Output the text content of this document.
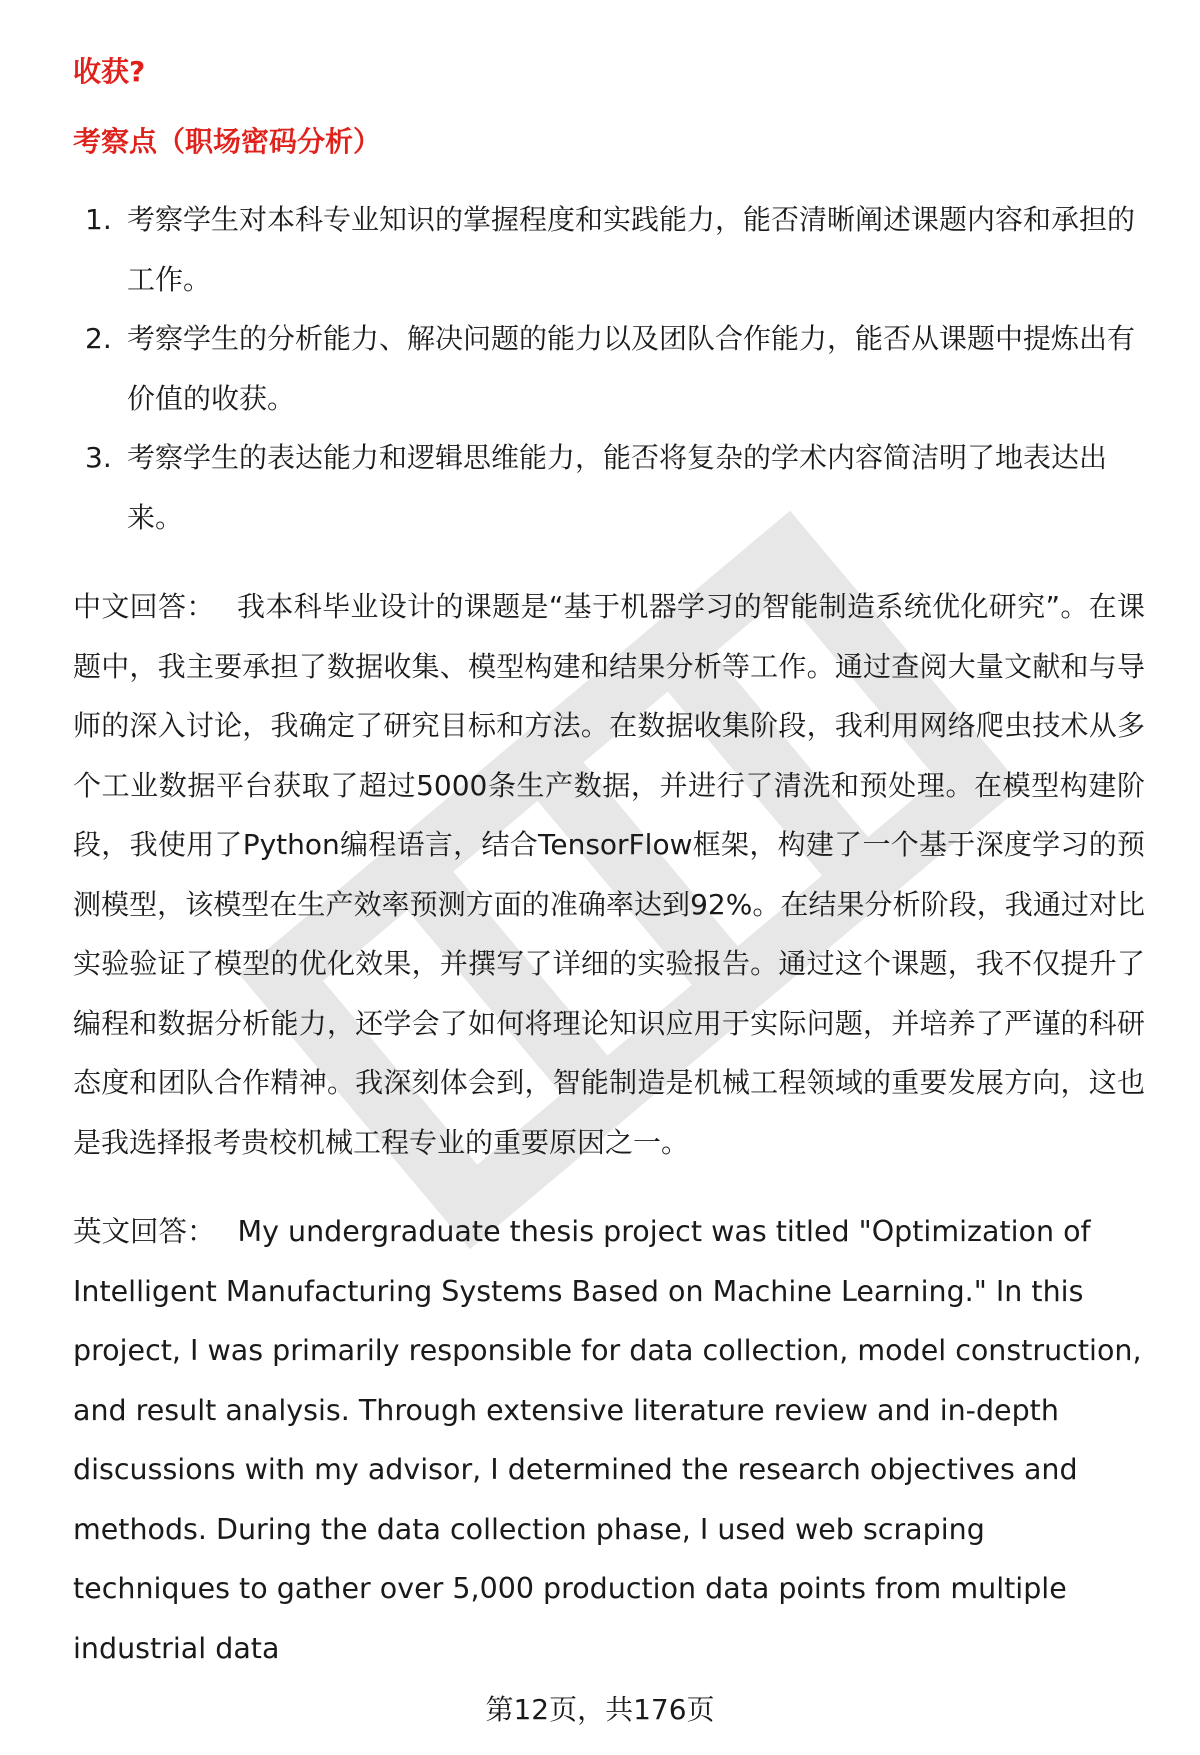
收获?

考察点（职场密码分析）

1. 考察学生对本科专业知识的掌握程度和实践能力，能否清晰阐述课题内容和承担的工作。
2. 考察学生的分析能力、解决问题的能力以及团队合作能力，能否从课题中提炼出有价值的收获。
3. 考察学生的表达能力和逻辑思维能力，能否将复杂的学术内容简洁明了地表达出来。

中文回答： 我本科毕业设计的课题是“基于机器学习的智能制造系统优化研究”。在课题中，我主要承担了数据收集、模型构建和结果分析等工作。通过查阅大量文献和与导师的深入讨论，我确定了研究目标和方法。在数据收集阶段，我利用网络爬虫技术从多个工业数据平台获取了超过5000条生产数据，并进行了清洗和预处理。在模型构建阶段，我使用了Python编程语言，结合TensorFlow框架，构建了一个基于深度学习的预测模型，该模型在生产效率预测方面的准确率达到92%。在结果分析阶段，我通过对比实验验证了模型的优化效果，并撰写了详细的实验报告。通过这个课题，我不仅提升了编程和数据分析能力，还学会了如何将理论知识应用于实际问题，并培养了严谨的科研态度和团队合作精神。我深刻体会到，智能制造是机械工程领域的重要发展方向，这也是我选择报考贵校机械工程专业的重要原因之一。

英文回答： My undergraduate thesis project was titled "Optimization of Intelligent Manufacturing Systems Based on Machine Learning." In this project, I was primarily responsible for data collection, model construction, and result analysis. Through extensive literature review and in-depth discussions with my advisor, I determined the research objectives and methods. During the data collection phase, I used web scraping techniques to gather over 5,000 production data points from multiple industrial data

第12页，共176页
